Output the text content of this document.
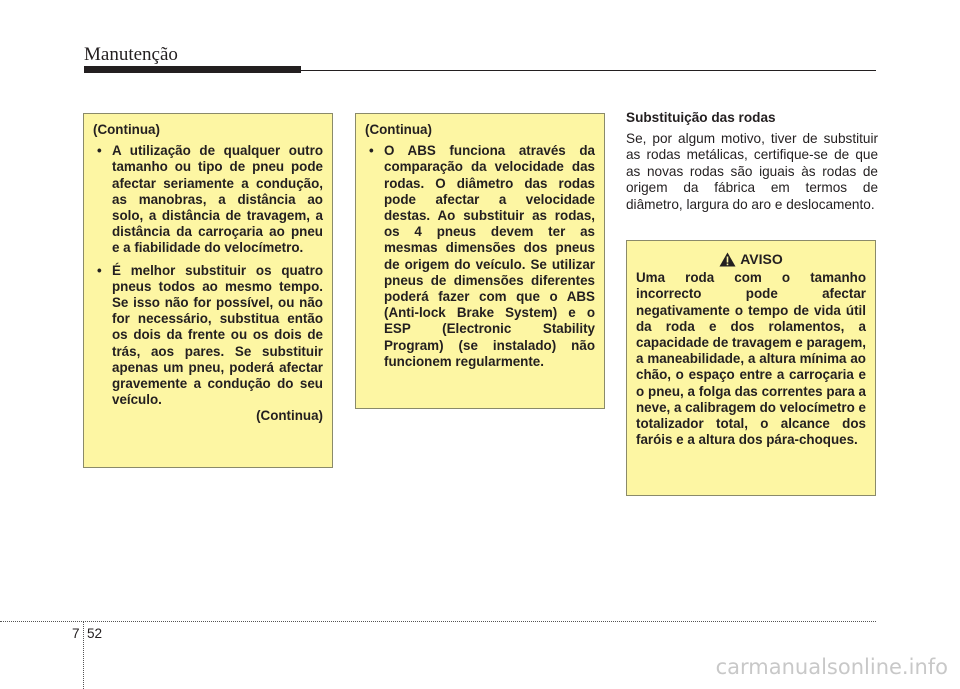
Manutenção
(Continua)
• A utilização de qualquer outro tamanho ou tipo de pneu pode afectar seriamente a condução, as manobras, a distância ao solo, a distância de travagem, a distância da carroçaria ao pneu e a fiabilidade do velocímetro.
• É melhor substituir os quatro pneus todos ao mesmo tempo. Se isso não for possível, ou não for necessário, substitua então os dois da frente ou os dois de trás, aos pares. Se substituir apenas um pneu, poderá afectar gravemente a condução do seu veículo.
(Continua)
(Continua)
• O ABS funciona através da comparação da velocidade das rodas. O diâmetro das rodas pode afectar a velocidade destas. Ao substituir as rodas, os 4 pneus devem ter as mesmas dimensões dos pneus de origem do veículo. Se utilizar pneus de dimensões diferentes poderá fazer com que o ABS (Anti-lock Brake System) e o ESP (Electronic Stability Program) (se instalado) não funcionem regularmente.
Substituição das rodas
Se, por algum motivo, tiver de substituir as rodas metálicas, certifique-se de que as novas rodas são iguais às rodas de origem da fábrica em termos de diâmetro, largura do aro e deslocamento.
AVISO
Uma roda com o tamanho incorrecto pode afectar negativamente o tempo de vida útil da roda e dos rolamentos, a capacidade de travagem e paragem, a maneabilidade, a altura mínima ao chão, o espaço entre a carroçaria e o pneu, a folga das correntes para a neve, a calibragem do velocímetro e totalizador total, o alcance dos faróis e a altura dos pára-choques.
7 52
carmanualsonline.info
